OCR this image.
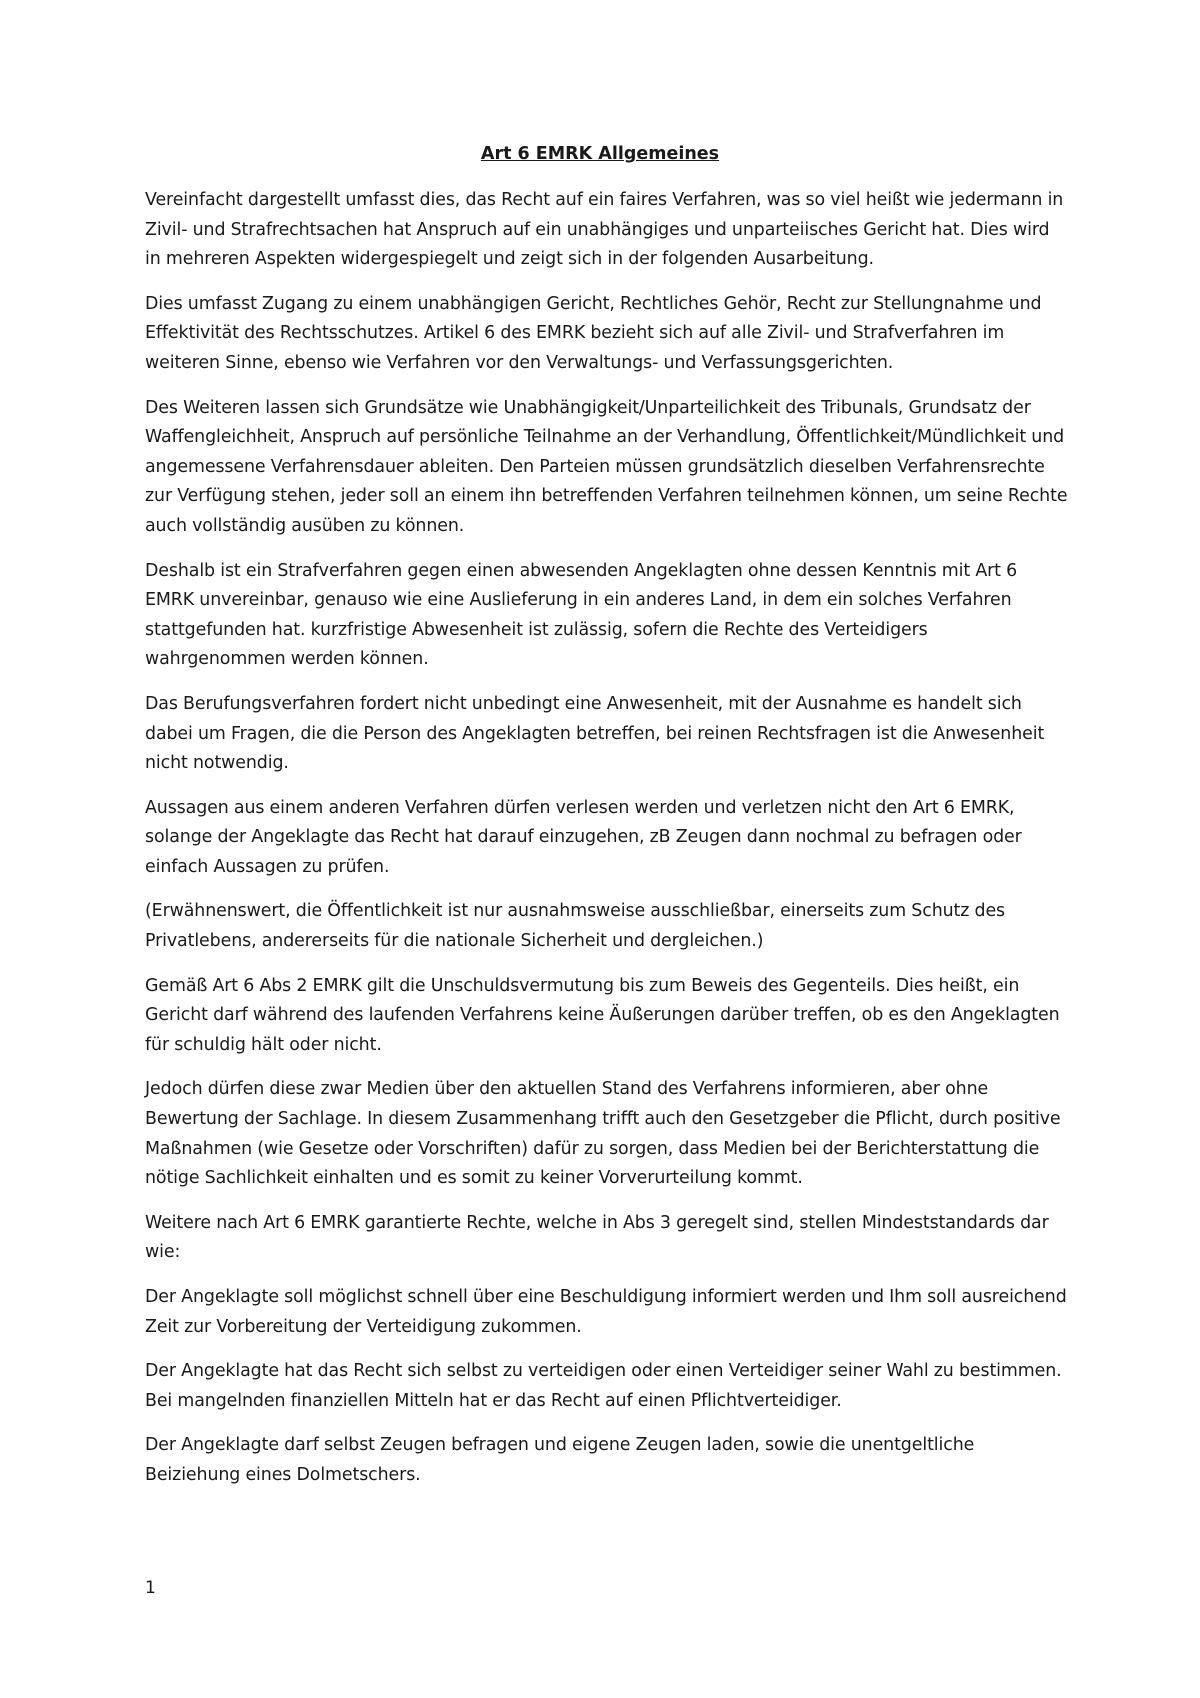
Art 6 EMRK Allgemeines

Vereinfacht dargestellt umfasst dies, das Recht auf ein faires Verfahren, was so viel heißt wie jedermann in Zivil- und Strafrechtsachen hat Anspruch auf ein unabhängiges und unparteiisches Gericht hat. Dies wird in mehreren Aspekten widergespiegelt und zeigt sich in der folgenden Ausarbeitung.

Dies umfasst Zugang zu einem unabhängigen Gericht, Rechtliches Gehör, Recht zur Stellungnahme und Effektivität des Rechtsschutzes. Artikel 6 des EMRK bezieht sich auf alle Zivil- und Strafverfahren im weiteren Sinne, ebenso wie Verfahren vor den Verwaltungs- und Verfassungsgerichten.

Des Weiteren lassen sich Grundsätze wie Unabhängigkeit/Unparteilichkeit des Tribunals, Grundsatz der Waffengleichheit, Anspruch auf persönliche Teilnahme an der Verhandlung, Öffentlichkeit/Mündlichkeit und angemessene Verfahrensdauer ableiten. Den Parteien müssen grundsätzlich dieselben Verfahrensrechte zur Verfügung stehen, jeder soll an einem ihn betreffenden Verfahren teilnehmen können, um seine Rechte auch vollständig ausüben zu können.

Deshalb ist ein Strafverfahren gegen einen abwesenden Angeklagten ohne dessen Kenntnis mit Art 6 EMRK unvereinbar, genauso wie eine Auslieferung in ein anderes Land, in dem ein solches Verfahren stattgefunden hat. kurzfristige Abwesenheit ist zulässig, sofern die Rechte des Verteidigers wahrgenommen werden können.

Das Berufungsverfahren fordert nicht unbedingt eine Anwesenheit, mit der Ausnahme es handelt sich dabei um Fragen, die die Person des Angeklagten betreffen, bei reinen Rechtsfragen ist die Anwesenheit nicht notwendig.

Aussagen aus einem anderen Verfahren dürfen verlesen werden und verletzen nicht den Art 6 EMRK, solange der Angeklagte das Recht hat darauf einzugehen, zB Zeugen dann nochmal zu befragen oder einfach Aussagen zu prüfen.

(Erwähnenswert, die Öffentlichkeit ist nur ausnahmsweise ausschließbar, einerseits zum Schutz des Privatlebens, andererseits für die nationale Sicherheit und dergleichen.)

Gemäß Art 6 Abs 2 EMRK gilt die Unschuldsvermutung bis zum Beweis des Gegenteils. Dies heißt, ein Gericht darf während des laufenden Verfahrens keine Äußerungen darüber treffen, ob es den Angeklagten für schuldig hält oder nicht.

Jedoch dürfen diese zwar Medien über den aktuellen Stand des Verfahrens informieren, aber ohne Bewertung der Sachlage. In diesem Zusammenhang trifft auch den Gesetzgeber die Pflicht, durch positive Maßnahmen (wie Gesetze oder Vorschriften) dafür zu sorgen, dass Medien bei der Berichterstattung die nötige Sachlichkeit einhalten und es somit zu keiner Vorverurteilung kommt.

Weitere nach Art 6 EMRK garantierte Rechte, welche in Abs 3 geregelt sind, stellen Mindeststandards dar wie:

Der Angeklagte soll möglichst schnell über eine Beschuldigung informiert werden und Ihm soll ausreichend Zeit zur Vorbereitung der Verteidigung zukommen.

Der Angeklagte hat das Recht sich selbst zu verteidigen oder einen Verteidiger seiner Wahl zu bestimmen. Bei mangelnden finanziellen Mitteln hat er das Recht auf einen Pflichtverteidiger.

Der Angeklagte darf selbst Zeugen befragen und eigene Zeugen laden, sowie die unentgeltliche Beiziehung eines Dolmetschers.

1
